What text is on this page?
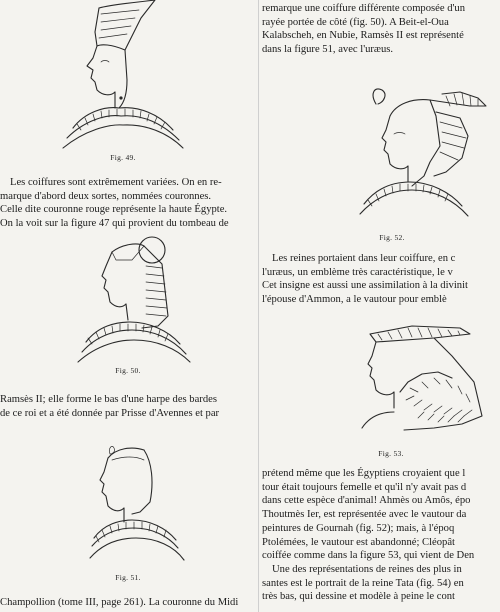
Fig. 49.
Les coiffures sont extrêmement variées. On en re-
marque d'abord deux sortes, nommées couronnes.
Celle dite couronne rouge représente la haute Égypte.
On la voit sur la figure 47 qui provient du tombeau de
Fig. 50.
Ramsès II; elle forme le bas d'une harpe des bardes
de ce roi et a été donnée par Prisse d'Avennes et par
Fig. 51.
Champollion (tome III, page 261). La couronne du Midi
remarque une coiffure différente composée d'un
rayée portée de côté (fig. 50). A Beit-el-Oua
Kalabscheh, en Nubie, Ramsès II est représenté
dans la figure 51, avec l'uræus.
Fig. 52.
Les reines portaient dans leur coiffure, en c
l'uræus, un emblème très caractéristique, le v
Cet insigne est aussi une assimilation à la divinit
l'épouse d'Ammon, a le vautour pour emblè
Fig. 53.
prétend même que les Égyptiens croyaient que l
tour était toujours femelle et qu'il n'y avait pas d
dans cette espèce d'animal! Ahmès ou Amôs, épo
Thoutmès Ier, est représentée avec le vautour da
peintures de Gournah (fig. 52); mais, à l'époq
Ptolémées, le vautour est abandonné; Cléopât
coiffée comme dans la figure 53, qui vient de Den
Une des représentations de reines des plus in
santes est le portrait de la reine Tata (fig. 54) en
très bas, qui dessine et modèle à peine le cont
